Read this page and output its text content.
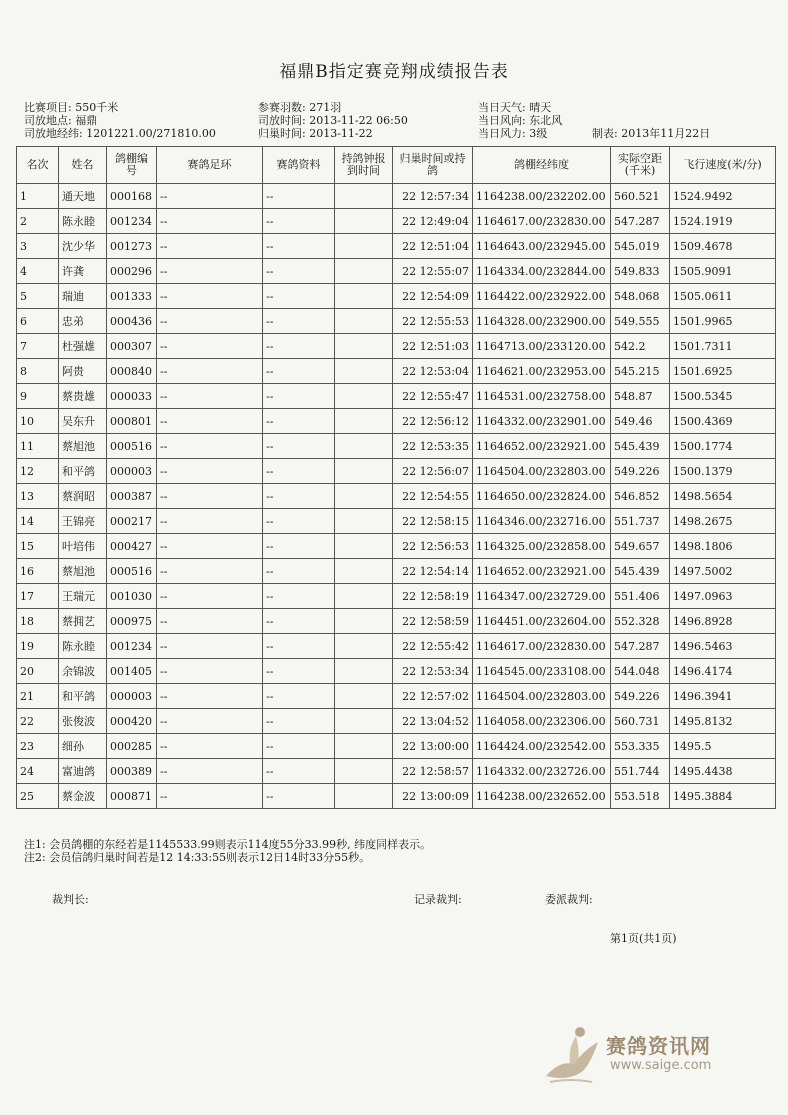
福鼎B指定赛竞翔成绩报告表
比赛项目: 550千米
司放地点: 福鼎
司放地经纬: 1201221.00/271810.00
参赛羽数: 271羽
司放时间: 2013-11-22 06:50
归巢时间: 2013-11-22
当日天气: 晴天
当日风向: 东北风
当日风力: 3级	制表: 2013年11月22日
名次	姓名	鸽棚编号	赛鸽足环	赛鸽资料	持鸽钟报到时间	归巢时间或持鸽	鸽棚经纬度	实际空距(千米)	飞行速度(米/分)
1	通天地	000168	--	--		22 12:57:34	1164238.00/232202.00	560.521	1524.9492
2	陈永睦	001234	--	--		22 12:49:04	1164617.00/232830.00	547.287	1524.1919
3	沈少华	001273	--	--		22 12:51:04	1164643.00/232945.00	545.019	1509.4678
4	许龚	000296	--	--		22 12:55:07	1164334.00/232844.00	549.833	1505.9091
5	瑞迪	001333	--	--		22 12:54:09	1164422.00/232922.00	548.068	1505.0611
6	忠弟	000436	--	--		22 12:55:53	1164328.00/232900.00	549.555	1501.9965
7	杜强雄	000307	--	--		22 12:51:03	1164713.00/233120.00	542.2	1501.7311
8	阿贵	000840	--	--		22 12:53:04	1164621.00/232953.00	545.215	1501.6925
9	蔡贵雄	000033	--	--		22 12:55:47	1164531.00/232758.00	548.87	1500.5345
10	吴东升	000801	--	--		22 12:56:12	1164332.00/232901.00	549.46	1500.4369
11	蔡旭池	000516	--	--		22 12:53:35	1164652.00/232921.00	545.439	1500.1774
12	和平鸽	000003	--	--		22 12:56:07	1164504.00/232803.00	549.226	1500.1379
13	蔡润昭	000387	--	--		22 12:54:55	1164650.00/232824.00	546.852	1498.5654
14	王锦亮	000217	--	--		22 12:58:15	1164346.00/232716.00	551.737	1498.2675
15	叶培伟	000427	--	--		22 12:56:53	1164325.00/232858.00	549.657	1498.1806
16	蔡旭池	000516	--	--		22 12:54:14	1164652.00/232921.00	545.439	1497.5002
17	王瑞元	001030	--	--		22 12:58:19	1164347.00/232729.00	551.406	1497.0963
18	蔡拥艺	000975	--	--		22 12:58:59	1164451.00/232604.00	552.328	1496.8928
19	陈永睦	001234	--	--		22 12:55:42	1164617.00/232830.00	547.287	1496.5463
20	余锦波	001405	--	--		22 12:53:34	1164545.00/233108.00	544.048	1496.4174
21	和平鸽	000003	--	--		22 12:57:02	1164504.00/232803.00	549.226	1496.3941
22	张俊波	000420	--	--		22 13:04:52	1164058.00/232306.00	560.731	1495.8132
23	细孙	000285	--	--		22 13:00:00	1164424.00/232542.00	553.335	1495.5
24	富迪鸽	000389	--	--		22 12:58:57	1164332.00/232726.00	551.744	1495.4438
25	蔡金波	000871	--	--		22 13:00:09	1164238.00/232652.00	553.518	1495.3884
注1: 会员鸽棚的东经若是1145533.99则表示114度55分33.99秒, 纬度同样表示。
注2: 会员信鸽归巢时间若是12 14:33:55则表示12日14时33分55秒。
裁判长:	记录裁判:	委派裁判:
第1页(共1页)
赛鸽资讯网
www.saige.com
